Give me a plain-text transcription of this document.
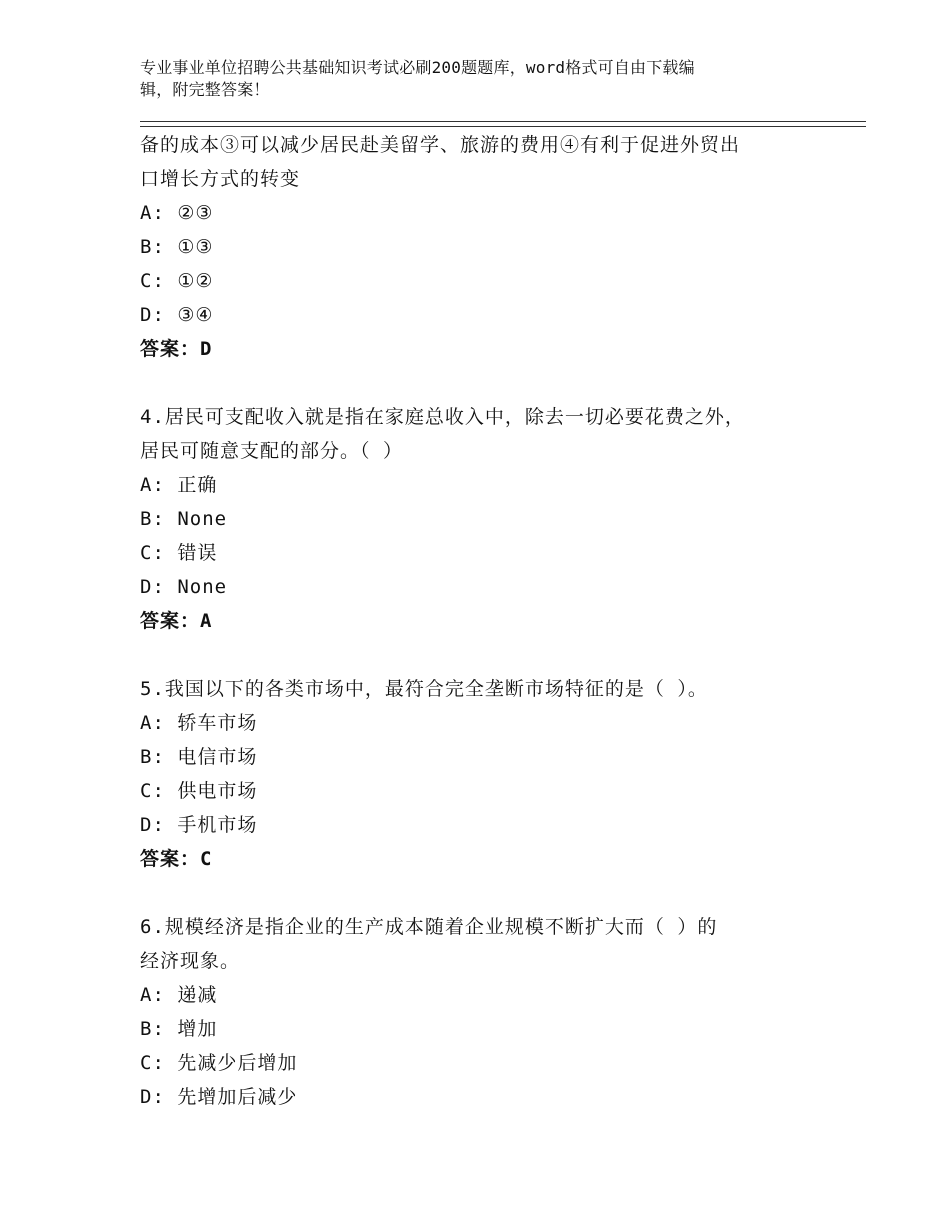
专业事业单位招聘公共基础知识考试必刷200题题库，word格式可自由下载编
辑，附完整答案！
备的成本③可以减少居民赴美留学、旅游的费用④有利于促进外贸出
口增长方式的转变
A: ②③
B: ①③
C: ①②
D: ③④
答案：D
4.居民可支配收入就是指在家庭总收入中，除去一切必要花费之外，
居民可随意支配的部分。（ ）
A: 正确
B: None
C: 错误
D: None
答案：A
5.我国以下的各类市场中，最符合完全垄断市场特征的是（ ）。
A: 轿车市场
B: 电信市场
C: 供电市场
D: 手机市场
答案：C
6.规模经济是指企业的生产成本随着企业规模不断扩大而（ ）的
经济现象。
A: 递减
B: 增加
C: 先减少后增加
D: 先增加后减少
